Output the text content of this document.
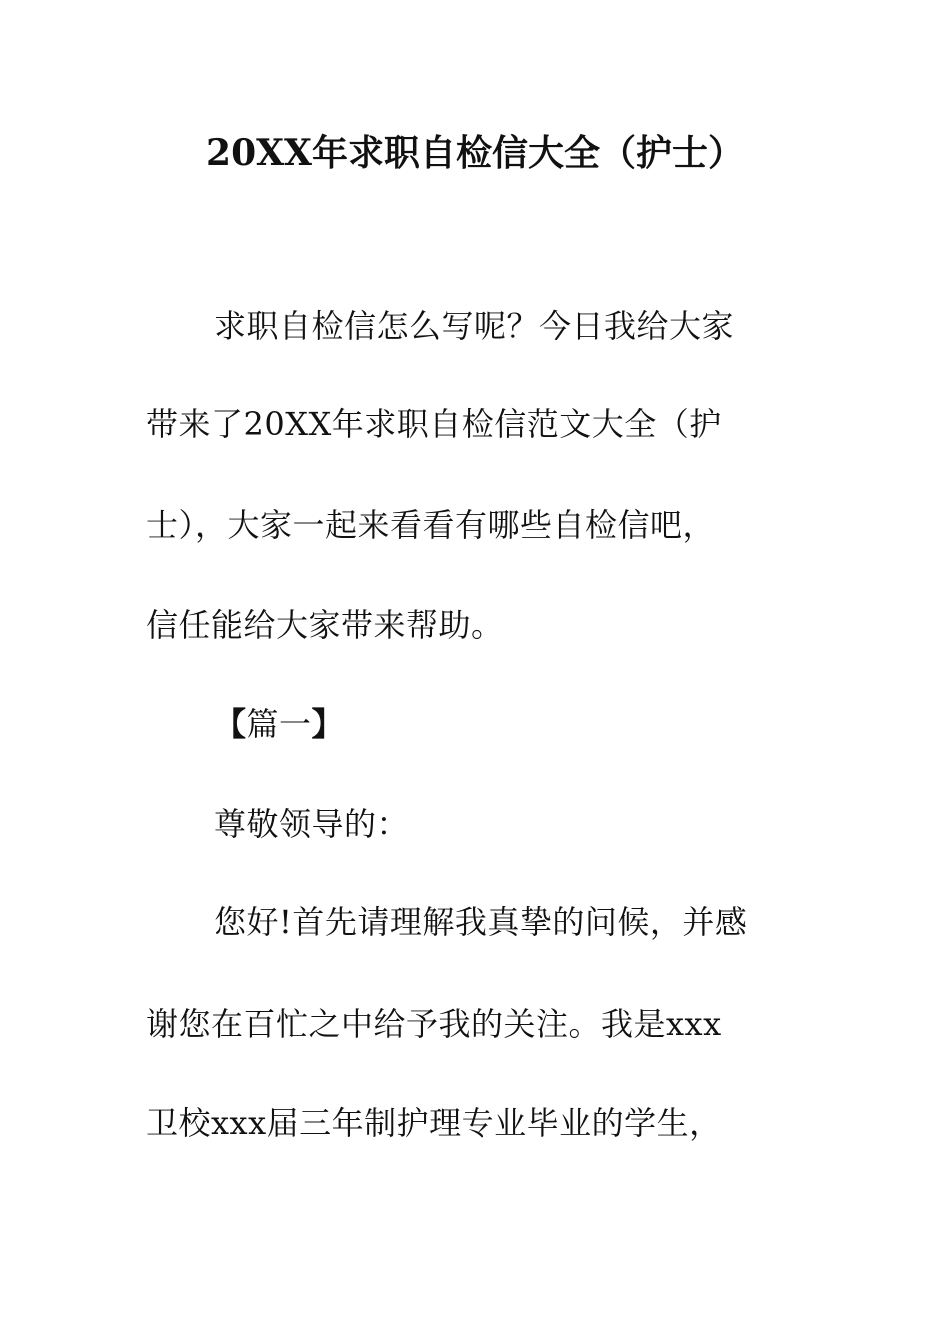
20XX年求职自检信大全（护士）
求职自检信怎么写呢？今日我给大家
带来了20XX年求职自检信范文大全（护
士），大家一起来看看有哪些自检信吧，
信任能给大家带来帮助。
【篇一】
尊敬领导的：
您好!首先请理解我真挚的问候，并感
谢您在百忙之中给予我的关注。我是xxx
卫校xxx届三年制护理专业毕业的学生，
